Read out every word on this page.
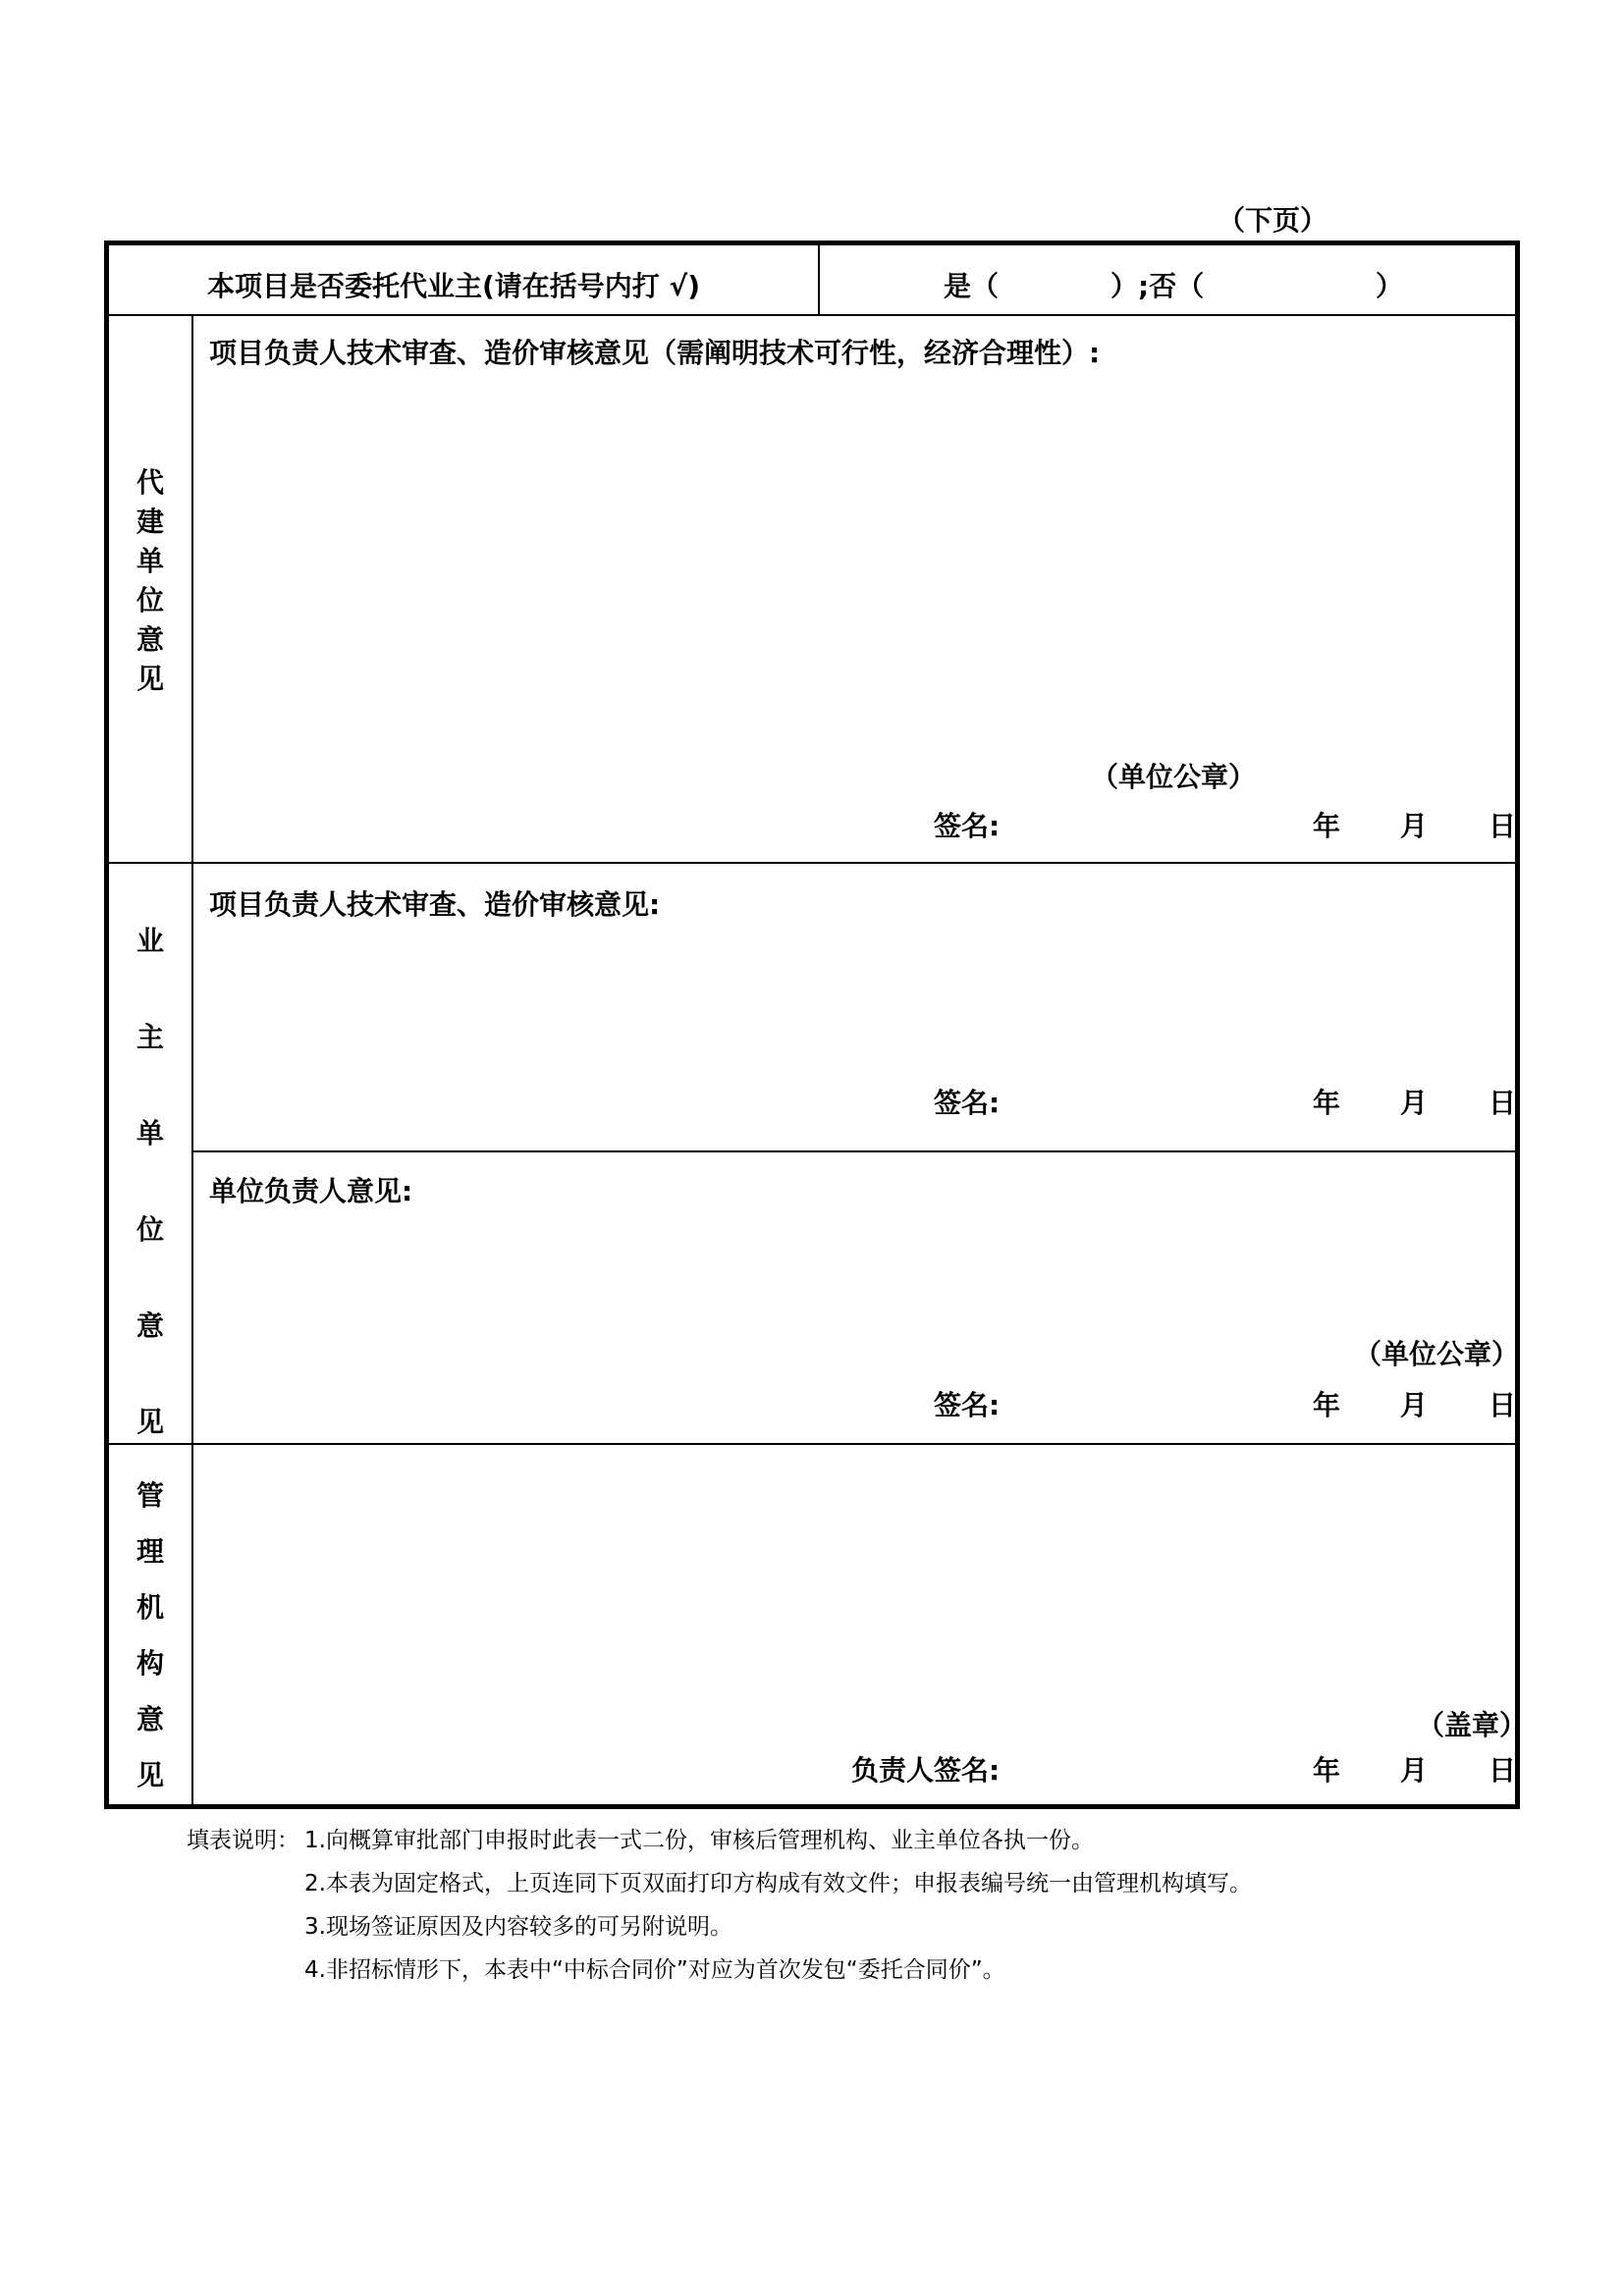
（下页）
本项目是否委托代业主(请在括号内打 √)	是（	）;否（	）
代
建
单
位
意
见
项目负责人技术审查、造价审核意见（需阐明技术可行性，经济合理性）:
（单位公章）
签名:	年 月 日
业
主
单
位
意
见
项目负责人技术审查、造价审核意见:
签名:	年 月 日
单位负责人意见:
（单位公章）
签名:	年 月 日
管
理
机
构
意
见
（盖章）
负责人签名:	年 月 日
填表说明： 1.向概算审批部门申报时此表一式二份，审核后管理机构、业主单位各执一份。
2.本表为固定格式，上页连同下页双面打印方构成有效文件；申报表编号统一由管理机构填写。
3.现场签证原因及内容较多的可另附说明。
4.非招标情形下，本表中“中标合同价”对应为首次发包“委托合同价”。
